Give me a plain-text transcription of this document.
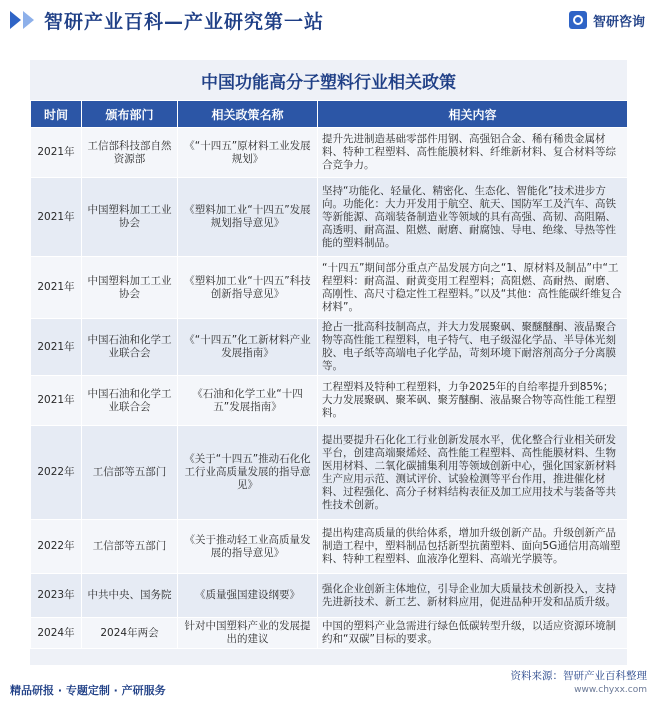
智研产业百科—产业研究第一站	智研咨询
中国功能高分子塑料行业相关政策
时间	颁布部门	相关政策名称	相关内容
2021年	工信部科技部自然资源部	《“十四五”原材料工业发展规划》	提升先进制造基础零部件用钢、高强铝合金、稀有稀贵金属材料、特种工程塑料、高性能膜材料、纤维新材料、复合材料等综合竞争力。
2021年	中国塑料加工工业协会	《塑料加工业“十四五”发展规划指导意见》	坚持“功能化、轻量化、精密化、生态化、智能化”技术进步方向。功能化：大力开发用于航空、航天、国防军工及汽车、高铁等新能源、高端装备制造业等领域的具有高强、高韧、高阻隔、高透明、耐高温、阻燃、耐磨、耐腐蚀、导电、绝缘、导热等性能的塑料制品。
2021年	中国塑料加工工业协会	《塑料加工业“十四五”科技创新指导意见》	“十四五”期间部分重点产品发展方向之“1、原材料及制品”中“工程塑料：耐高温、耐黄变用工程塑料；高阻燃、高耐热、耐磨、高刚性、高尺寸稳定性工程塑料。”以及“其他：高性能碳纤维复合材料”。
2021年	中国石油和化学工业联合会	《“十四五”化工新材料产业发展指南》	抢占一批高科技制高点，并大力发展聚砜、聚醚醚酮、液晶聚合物等高性能工程塑料，电子特气、电子级湿化学品、半导体光刻胶、电子纸等高端电子化学品，苛刻环境下耐溶剂高分子分离膜等。
2021年	中国石油和化学工业联合会	《石油和化学工业“十四五”发展指南》	工程塑料及特种工程塑料，力争2025年的自给率提升到85%；大力发展聚砜、聚苯砜、聚芳醚酮、液晶聚合物等高性能工程塑料。
2022年	工信部等五部门	《关于“十四五”推动石化化工行业高质量发展的指导意见》	提出要提升石化化工行业创新发展水平，优化整合行业相关研发平台，创建高端聚烯烃、高性能工程塑料、高性能膜材料、生物医用材料、二氧化碳捕集利用等领域创新中心，强化国家新材料生产应用示范、测试评价、试验检测等平台作用，推进催化材料、过程强化、高分子材料结构表征及加工应用技术与装备等共性技术创新。
2022年	工信部等五部门	《关于推动轻工业高质量发展的指导意见》	提出构建高质量的供给体系，增加升级创新产品。升级创新产品制造工程中，塑料制品包括新型抗菌塑料、面向5G通信用高端塑料、特种工程塑料、血液净化塑料、高端光学膜等。
2023年	中共中央、国务院	《质量强国建设纲要》	强化企业创新主体地位，引导企业加大质量技术创新投入，支持先进新技术、新工艺、新材料应用，促进品种开发和品质升级。
2024年	2024年两会	针对中国塑料产业的发展提出的建议	中国的塑料产业急需进行绿色低碳转型升级，以适应资源环境制约和“双碳”目标的要求。
精品研报 · 专题定制 · 产研服务
资料来源：智研产业百科整理
www.chyxx.com
